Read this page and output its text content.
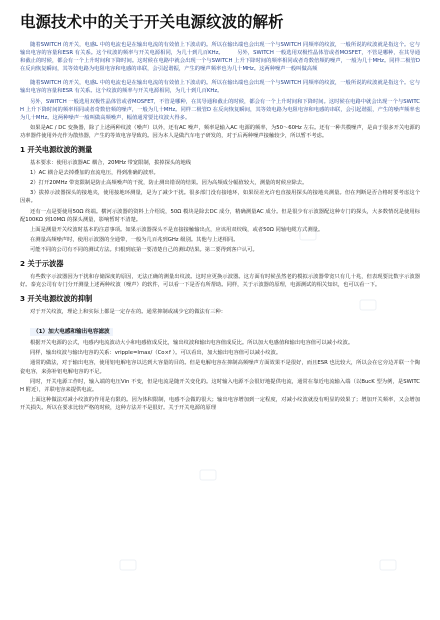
电源技术中的关于开关电源纹波的解析

随着SWITCH 的开关，电感L 中的电流也是在输出电流的有效值上下波动的。所以在输出端也会出现一个与SWITCH 同频率的纹波，一般所说的纹波就是指这个。它与输出电容的容量和ESR 有关系。这个纹波的频率与开关电源相同，为几十到几百KHz。　　　另外，SWITCH 一般选用双极性晶体管或者MOSFET，不管是哪种，在其导通和截止的时候，都会有一个上升时间和下降时间。这时候在电路中就会出现一个与SWITCH 上升下降时间的频率相同或者奇数倍频的噪声，一般为几十MHz。同样二极管D 在反向恢复瞬间，其等效电路为电阻电容和电感的串联，会引起谐振，产生的噪声频率也为几十MHz。这两种噪声一般叫做高频

随着SWITCH 的开关，电感L 中的电流也是在输出电流的有效值上下波动的。所以在输出端也会出现一个与SWITCH 同频率的纹波，一般所说的纹波就是指这个。它与输出电容的容量和ESR 有关系。这个纹波的频率与开关电源相同，为几十到几百KHz。

另外，SWITCH 一般选用双极性晶体管或者MOSFET，不管是哪种，在其导通和截止的时候，都会有一个上升时间和下降时间。这时候在电路中就会出现一个与SWITCH 上升下降时间的频率相同或者奇数倍频的噪声，一般为几十MHz。同样二极管D 在反向恢复瞬间，其等效电路为电阻电容和电感的串联，会引起谐振，产生的噪声频率也为几十MHz。这两种噪声一般叫做高频噪声，幅值通常要比纹波大得多。

如果是AC / DC 变换器，除了上述两种纹波（噪声）以外，还有AC 噪声，频率是输入AC 电源的频率，为50～60Hz 左右。还有一种共模噪声，是由于很多开关电源的功率器件使用外壳作为散热器，产生的等效电容导致的。因为本人是做汽车电子研发的，对于后两种噪声接触较少，所以暂不考虑。

1 开关电源纹波的测量

基本要求：使用示波器AC 耦合，20MHz 带宽限制，拔掉探头的地线

1）AC 耦合是去掉叠加的直流电压，得到准确的波形。

2）打开20MHz 带宽限制是防止高频噪声的干扰，防止测出错误的结果。因为高频成分幅值较大，测量的时候应除去。

3）拔掉示波器探头的接地夹，使用接地环测量，是为了减少干扰。很多部门没有接地环，如果误差允许也直接用探头的接地夹测量。但在判断是否合格时要考虑这个因素。

还有一点是要使用50Ω 终端。横河示波器的资料上介绍说，50Ω 模块是除去DC 成分，精确测量AC 成分。但是很少有示波器配这种专门的探头，大多数情况是使用标配100KΩ 到10MΩ 的探头测量，影响暂时不清楚。

上面是测量开关纹波时基本的注意事项。如果示波器探头不是直接接触输出点，应该用双绞线，或者50Ω 同轴电缆方式测量。

在测量高频噪声时，使用示波器的全通带，一般为几百兆到GHz 级别。其他与上述相同。

可能不同的公司有不同的测试方法。归根到底第一要清楚自己的测试结果。第二要得到客户认可。

2 关于示波器

有些数字示波器因为干扰和存储深度的原因，无法正确的测量出纹波。这时应更换示波器。这方面有时候虽然老的模拟示波器带宽只有几十兆，但表现要比数字示波器好。泰克公司有专门分开测量上述两种纹波（噪声）的软件，可以看一下是否有所帮助。同样，关于示波器的原理，电源测试的相关知识，也可以看一下。

3 开关电源纹波的抑制

对于开关纹波，理论上和实际上都是一定存在的。通常抑制或减少它的做法有三种：

（1）加大电感和输出电容滤波

根据开关电源的公式，电感内电流波动大小和电感值成反比，输出纹波和输出电容值成反比。所以加大电感值和输出电容值可以减小纹波。

同样，输出纹波与输出电容的关系：vripple=Imax/（Co×f ）。可以看出，加大输出电容值可以减小纹波。

通常的做法，对于输出电容，使用铝电解电容以达到大容量的目的。但是电解电容在抑制高频噪声方面效果不是很好，而且ESR 也比较大，所以会在它旁边并联一个陶瓷电容，来弥补铝电解电容的不足。

同时，开关电源工作时，输入端的电压Vin 不变，但是电流是随开关变化的。这时输入电源不会很好地提供电流，通常在靠近电流输入端（以BucK 型为例，是SWITCH 附近），并联电容来提供电流。

上面这种做法对减小纹波的作用是有限的。因为体积限制，电感不会做的很大；输出电容增加到一定程度，对减小纹波就没有明显的效果了；增加开关频率，又会增加开关损失。所以在要求比较严格的时候，这种方法并不是很好。关于开关电源的原理
